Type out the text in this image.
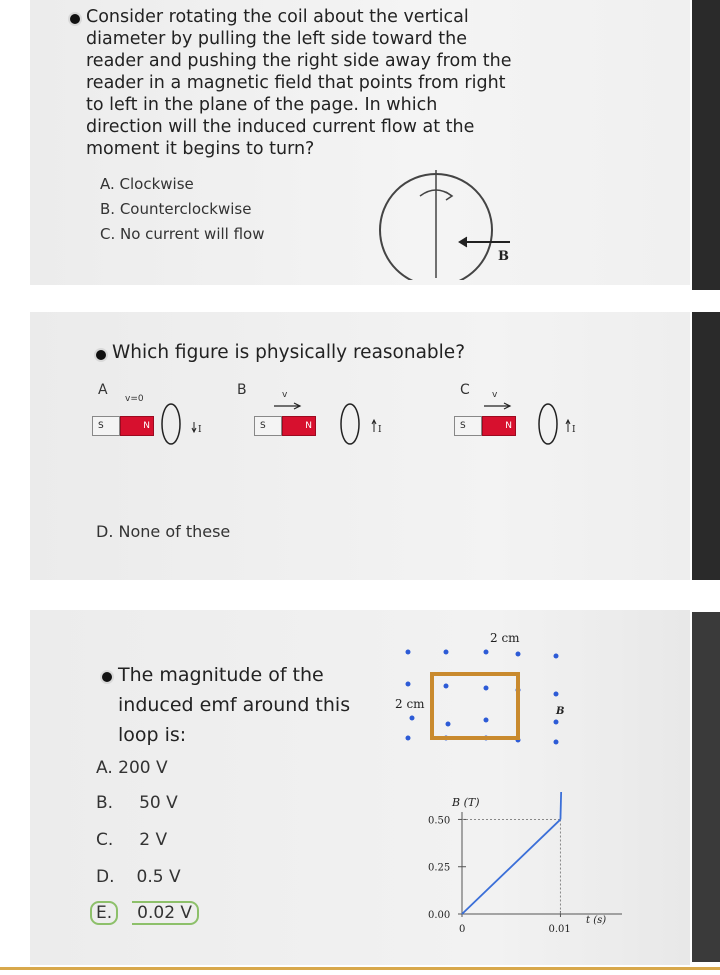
Consider rotating the coil about the vertical
diameter by pulling the left side toward the
reader and pushing the right side away from the
reader in a magnetic field that points from right
to left in the plane of the page. In which
direction will the induced current flow at the
moment it begins to turn?
A. Clockwise
B. Counterclockwise
C. No current will flow
B
Which figure is physically reasonable?
A
v=0
S	N	I
B	v
S	N	I
C v
S	N	I
D. None of these
The magnitude of the
induced emf around this
loop is:
A. 200 V
B. 50 V
C. 2 V
D. 0.5 V
E. 0.02 V
2 cm
2 cm
B
0.50
0.25
0.00
0	0.01
B (T)
t (s)
